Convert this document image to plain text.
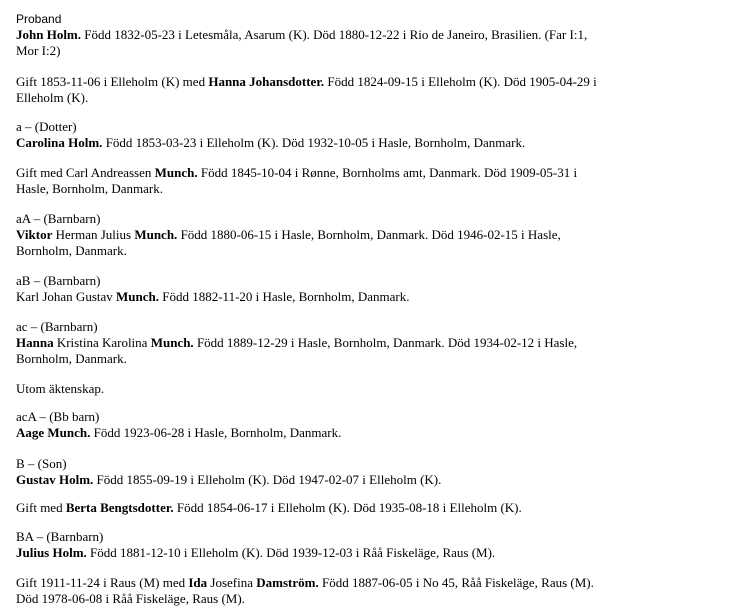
Proband
John Holm. Född 1832-05-23 i Letesmåla, Asarum (K). Död 1880-12-22 i Rio de Janeiro, Brasilien. (Far I:1,
Mor I:2)
Gift 1853-11-06 i Elleholm (K) med Hanna Johansdotter. Född 1824-09-15 i Elleholm (K). Död 1905-04-29 i
Elleholm (K).
a – (Dotter)
Carolina Holm. Född 1853-03-23 i Elleholm (K). Död 1932-10-05 i Hasle, Bornholm, Danmark.
Gift med Carl Andreassen Munch. Född 1845-10-04 i Rønne, Bornholms amt, Danmark. Död 1909-05-31 i
Hasle, Bornholm, Danmark.
aA – (Barnbarn)
Viktor Herman Julius Munch. Född 1880-06-15 i Hasle, Bornholm, Danmark. Död 1946-02-15 i Hasle,
Bornholm, Danmark.
aB – (Barnbarn)
Karl Johan Gustav Munch. Född 1882-11-20 i Hasle, Bornholm, Danmark.
ac – (Barnbarn)
Hanna Kristina Karolina Munch. Född 1889-12-29 i Hasle, Bornholm, Danmark. Död 1934-02-12 i Hasle,
Bornholm, Danmark.
Utom äktenskap.
acA – (Bb barn)
Aage Munch. Född 1923-06-28 i Hasle, Bornholm, Danmark.
B – (Son)
Gustav Holm. Född 1855-09-19 i Elleholm (K). Död 1947-02-07 i Elleholm (K).
Gift med Berta Bengtsdotter. Född 1854-06-17 i Elleholm (K). Död 1935-08-18 i Elleholm (K).
BA – (Barnbarn)
Julius Holm. Född 1881-12-10 i Elleholm (K). Död 1939-12-03 i Råå Fiskeläge, Raus (M).
Gift 1911-11-24 i Raus (M) med Ida Josefina Damström. Född 1887-06-05 i No 45, Råå Fiskeläge, Raus (M).
Död 1978-06-08 i Råå Fiskeläge, Raus (M).
